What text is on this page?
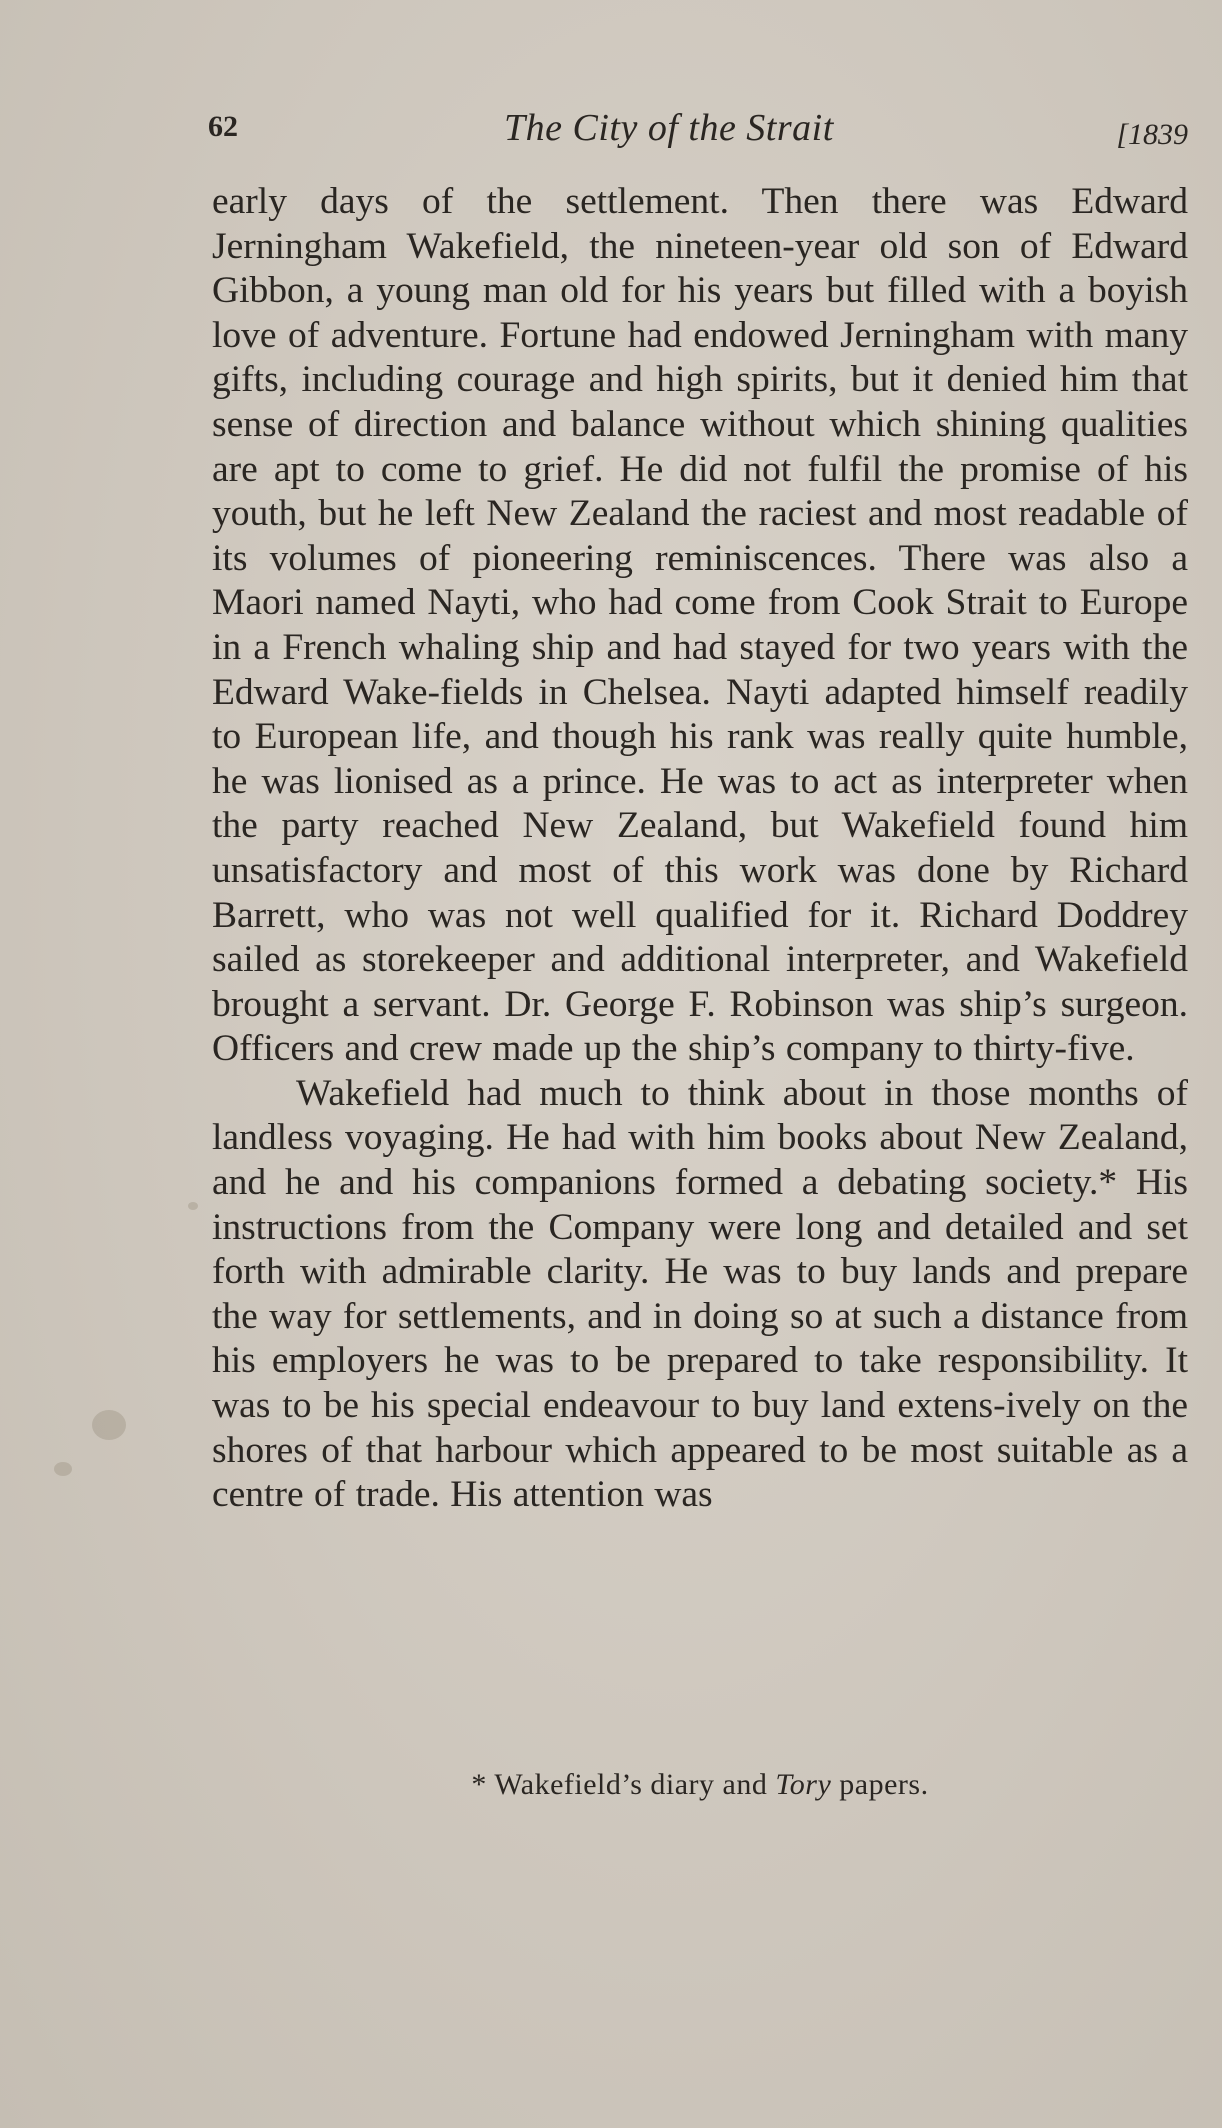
62	The City of the Strait	[1839

early days of the settlement. Then there was Edward Jerningham Wakefield, the nineteen-year old son of Edward Gibbon, a young man old for his years but filled with a boyish love of adventure. Fortune had endowed Jerningham with many gifts, including courage and high spirits, but it denied him that sense of direction and balance without which shining qualities are apt to come to grief. He did not fulfil the promise of his youth, but he left New Zealand the raciest and most readable of its volumes of pioneering reminiscences. There was also a Maori named Nayti, who had come from Cook Strait to Europe in a French whaling ship and had stayed for two years with the Edward Wake-fields in Chelsea. Nayti adapted himself readily to European life, and though his rank was really quite humble, he was lionised as a prince. He was to act as interpreter when the party reached New Zealand, but Wakefield found him unsatisfactory and most of this work was done by Richard Barrett, who was not well qualified for it. Richard Doddrey sailed as storekeeper and additional interpreter, and Wakefield brought a servant. Dr. George F. Robinson was ship’s surgeon. Officers and crew made up the ship’s company to thirty-five.

Wakefield had much to think about in those months of landless voyaging. He had with him books about New Zealand, and he and his companions formed a debating society.* His instructions from the Company were long and detailed and set forth with admirable clarity. He was to buy lands and prepare the way for settlements, and in doing so at such a distance from his employers he was to be prepared to take responsibility. It was to be his special endeavour to buy land extens-ively on the shores of that harbour which appeared to be most suitable as a centre of trade. His attention was

* Wakefield’s diary and Tory papers.
